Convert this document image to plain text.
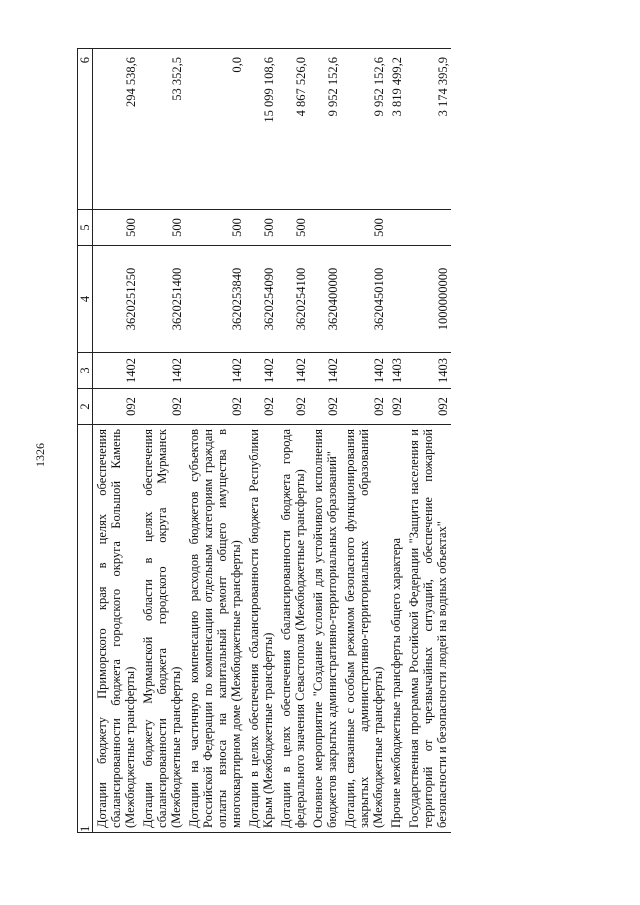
1326
1	2	3	4	5	6
Дотации бюджету Приморского края в целях обеспечения сбалансированности бюджета городского округа Большой Камень (Межбюджетные трансферты)	092	1402	3620251250	500	294 538,6
Дотации бюджету Мурманской области в целях обеспечения сбалансированности бюджета городского округа Мурманск (Межбюджетные трансферты)	092	1402	3620251400	500	53 352,5
Дотации на частичную компенсацию расходов бюджетов субъектов Российской Федерации по компенсации отдельным категориям граждан оплаты взноса на капитальный ремонт общего имущества в многоквартирном доме (Межбюджетные трансферты)	092	1402	3620253840	500	0,0
Дотации в целях обеспечения сбалансированности бюджета Республики Крым (Межбюджетные трансферты)	092	1402	3620254090	500	15 099 108,6
Дотации в целях обеспечения сбалансированности бюджета города федерального значения Севастополя (Межбюджетные трансферты)	092	1402	3620254100	500	4 867 526,0
Основное мероприятие "Создание условий для устойчивого исполнения бюджетов закрытых административно-территориальных образований"	092	1402	3620400000		9 952 152,6
Дотации, связанные с особым режимом безопасного функционирования закрытых административно-территориальных образований (Межбюджетные трансферты)	092	1402	3620450100	500	9 952 152,6
Прочие межбюджетные трансферты общего характера	092	1403			3 819 499,2
Государственная программа Российской Федерации "Защита населения и территорий от чрезвычайных ситуаций, обеспечение пожарной безопасности и безопасности людей на водных объектах"	092	1403	1000000000		3 174 395,9
